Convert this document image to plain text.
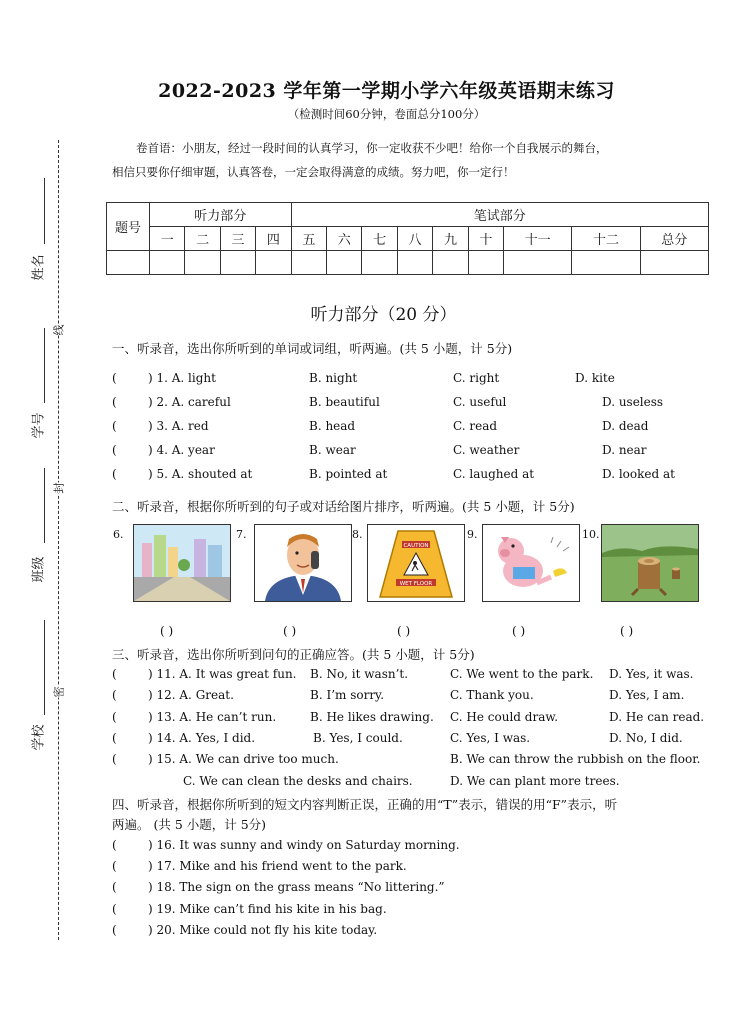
2022-2023 学年第一学期小学六年级英语期末练习
（检测时间60分钟，卷面总分100分）
卷首语：小朋友，经过一段时间的认真学习，你一定收获不少吧！给你一个自我展示的舞台，
相信只要你仔细审题，认真答卷，一定会取得满意的成绩。努力吧，你一定行！
姓名
学号
班级
学校
线
封
密
题号	听力部分				笔试部分								
	一	二	三	四	五	六	七	八	九	十	十一	十二	总分

听力部分（20 分）
一、听录音，选出你所听到的单词或词组，听两遍。(共 5 小题，计 5分)
(	) 1. A. light	B. night	C. right	D. kite
(	) 2. A. careful	B. beautiful	C. useful	D. useless
(	) 3. A. red	B. head	C. read	D. dead
(	) 4. A. year	B. wear	C. weather	D. near
(	) 5. A. shouted at	B. pointed at	C. laughed at	D. looked at
二、听录音，根据你所听到的句子或对话给图片排序，听两遍。(共 5 小题，计 5分)
6.	7.	8.
CAUTION
WET FLOOR
9.	10.
( )	( )	( )	( )	( )
三、听录音，选出你所听到问句的正确应答。(共 5 小题，计 5分)
(	) 11. A. It was great fun. B. No, it wasn’t.	C. We went to the park. D. Yes, it was.
(	) 12. A. Great.	B. I’m sorry.	C. Thank you.	D. Yes, I am.
(	) 13. A. He can’t run.	B. He likes drawing. C. He could draw.	D. He can read.
(	) 14. A. Yes, I did.	B. Yes, I could.	C. Yes, I was.	D. No, I did.
(	) 15. A. We can drive too much.	B. We can throw the rubbish on the floor.
C. We can clean the desks and chairs.	D. We can plant more trees.
四、听录音，根据你所听到的短文内容判断正误，正确的用“T”表示，错误的用“F”表示，听
两遍。 (共 5 小题，计 5分)
(	) 16. It was sunny and windy on Saturday morning.
(	) 17. Mike and his friend went to the park.
(	) 18. The sign on the grass means “No littering.”
(	) 19. Mike can’t find his kite in his bag.
(	) 20. Mike could not fly his kite today.
